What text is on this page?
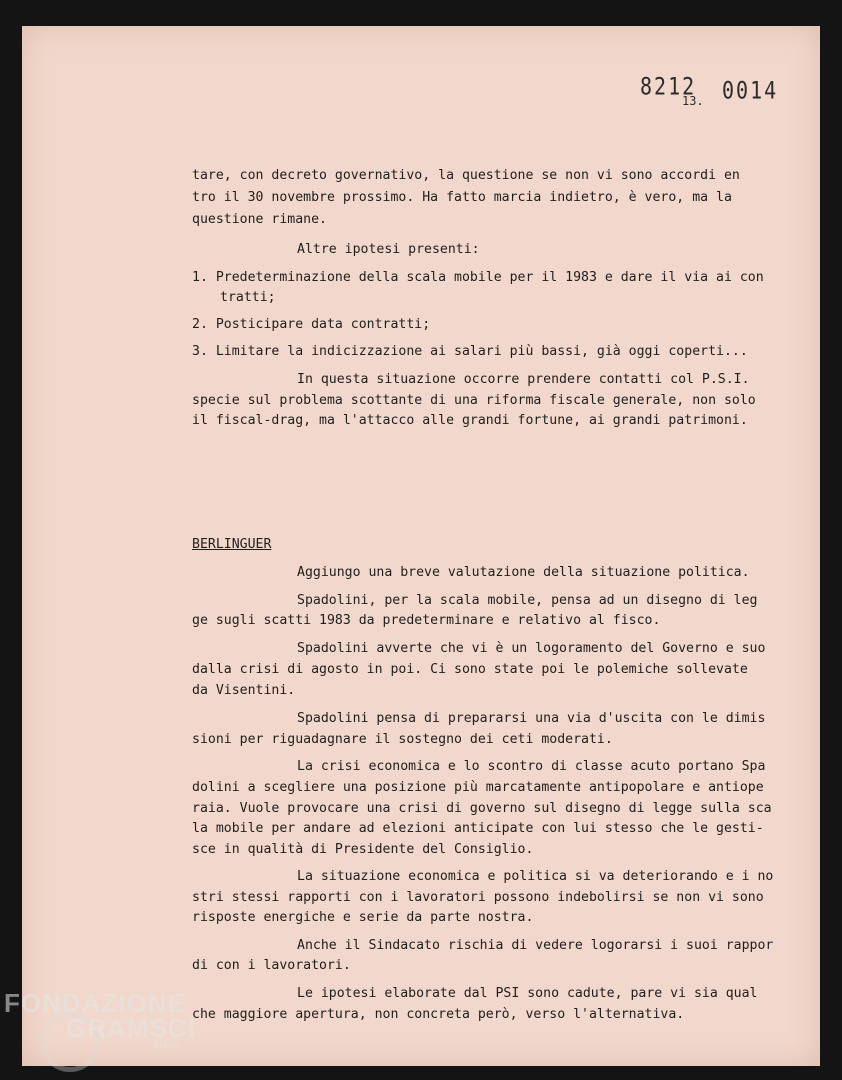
8212 0014
13.
tare, con decreto governativo, la questione se non vi sono accordi en
tro il 30 novembre prossimo. Ha fatto marcia indietro, è vero, ma la
questione rimane.
Altre ipotesi presenti:
1. Predeterminazione della scala mobile per il 1983 e dare il via ai con
tratti;
2. Posticipare data contratti;
3. Limitare la indicizzazione ai salari più bassi, già oggi coperti...
In questa situazione occorre prendere contatti col P.S.I.
specie sul problema scottante di una riforma fiscale generale, non solo
il fiscal-drag, ma l'attacco alle grandi fortune, ai grandi patrimoni.
BERLINGUER
Aggiungo una breve valutazione della situazione politica.
Spadolini, per la scala mobile, pensa ad un disegno di leg
ge sugli scatti 1983 da predeterminare e relativo al fisco.
Spadolini avverte che vi è un logoramento del Governo e suo
dalla crisi di agosto in poi. Ci sono state poi le polemiche sollevate
da Visentini.
Spadolini pensa di prepararsi una via d'uscita con le dimis
sioni per riguadagnare il sostegno dei ceti moderati.
La crisi economica e lo scontro di classe acuto portano Spa
dolini a scegliere una posizione più marcatamente antipopolare e antiope
raia. Vuole provocare una crisi di governo sul disegno di legge sulla sca
la mobile per andare ad elezioni anticipate con lui stesso che le gesti-
sce in qualità di Presidente del Consiglio.
La situazione economica e politica si va deteriorando e i no
stri stessi rapporti con i lavoratori possono indebolirsi se non vi sono
risposte energiche e serie da parte nostra.
Anche il Sindacato rischia di vedere logorarsi i suoi rappor
di con i lavoratori.
Le ipotesi elaborate dal PSI sono cadute, pare vi sia qual
che maggiore apertura, non concreta però, verso l'alternativa.
FONDAZIONE
GRAMSCI
onlus
